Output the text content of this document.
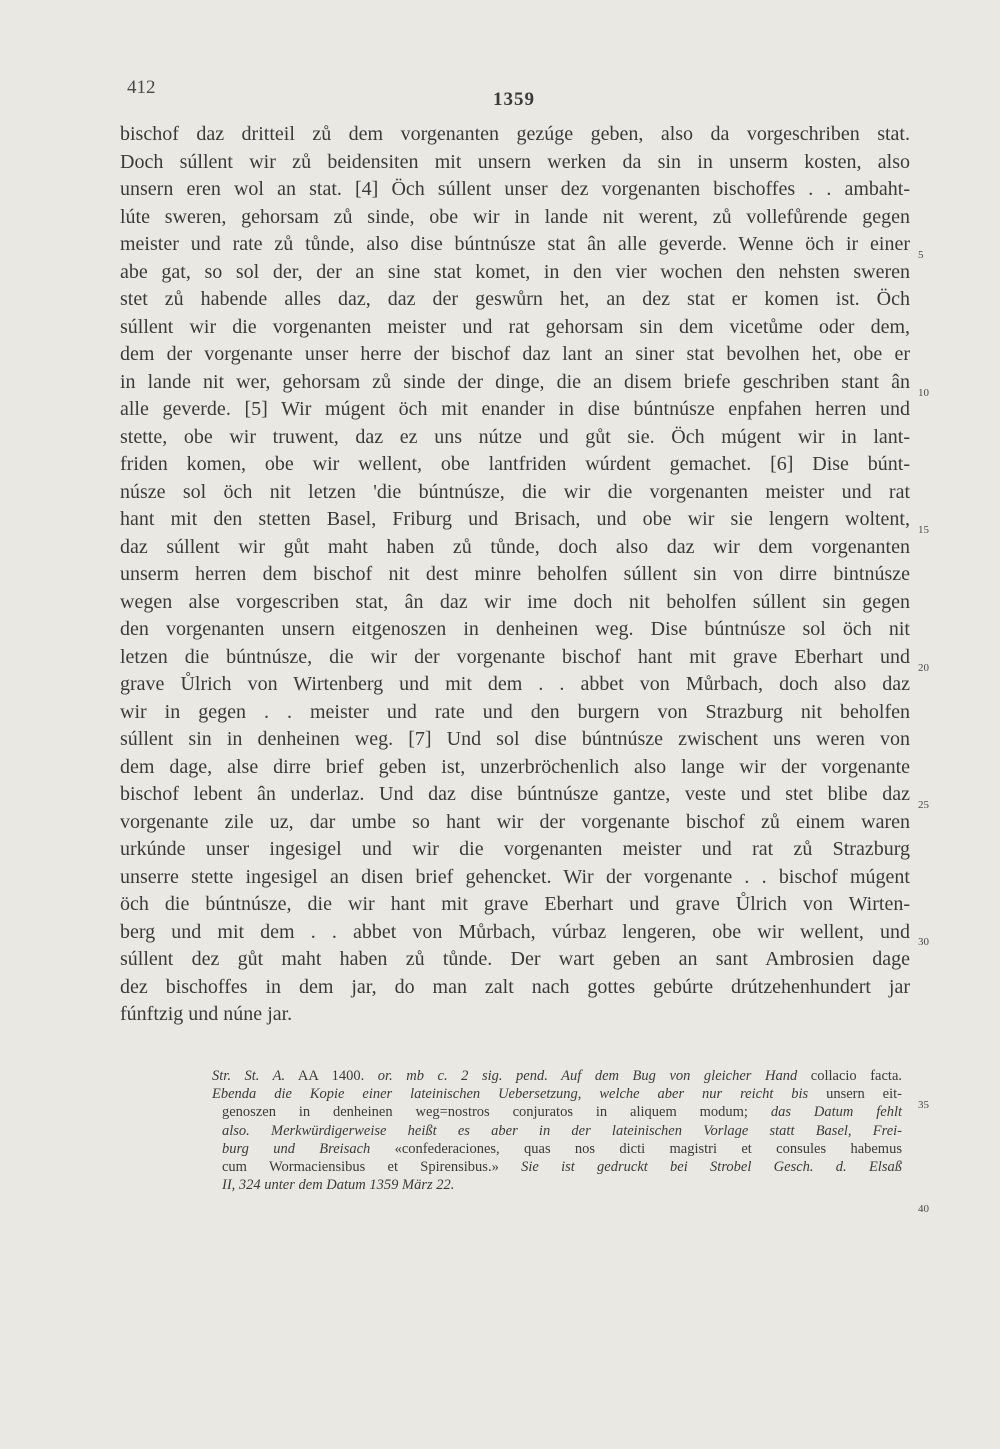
412
1359
bischof daz dritteil zů dem vorgenanten gezúge geben, also da vorgeschriben stat.
Doch súllent wir zů beidensiten mit unsern werken da sin in unserm kosten, also
unsern eren wol an stat. [4] Öch súllent unser dez vorgenanten bischoffes . . ambaht-
lúte sweren, gehorsam zů sinde, obe wir in lande nit werent, zů vollefůrende gegen
meister und rate zů tůnde, also dise búntnúsze stat ân alle geverde. Wenne öch ir einer
abe gat, so sol der, der an sine stat komet, in den vier wochen den nehsten sweren
stet zů habende alles daz, daz der geswůrn het, an dez stat er komen ist. Öch
súllent wir die vorgenanten meister und rat gehorsam sin dem vicetůme oder dem,
dem der vorgenante unser herre der bischof daz lant an siner stat bevolhen het, obe er
in lande nit wer, gehorsam zů sinde der dinge, die an disem briefe geschriben stant ân
alle geverde. [5] Wir múgent öch mit enander in dise búntnúsze enpfahen herren und
stette, obe wir truwent, daz ez uns nútze und gůt sie. Öch múgent wir in lant-
friden komen, obe wir wellent, obe lantfriden wúrdent gemachet. [6] Dise búnt-
núsze sol öch nit letzen 'die búntnúsze, die wir die vorgenanten meister und rat
hant mit den stetten Basel, Friburg und Brisach, und obe wir sie lengern woltent,
daz súllent wir gůt maht haben zů tůnde, doch also daz wir dem vorgenanten
unserm herren dem bischof nit dest minre beholfen súllent sin von dirre bintnúsze
wegen alse vorgescriben stat, ân daz wir ime doch nit beholfen súllent sin gegen
den vorgenanten unsern eitgenoszen in denheinen weg. Dise búntnúsze sol öch nit
letzen die búntnúsze, die wir der vorgenante bischof hant mit grave Eberhart und
grave Ůlrich von Wirtenberg und mit dem . . abbet von Můrbach, doch also daz
wir in gegen . . meister und rate und den burgern von Strazburg nit beholfen
súllent sin in denheinen weg. [7] Und sol dise búntnúsze zwischent uns weren von
dem dage, alse dirre brief geben ist, unzerbröchenlich also lange wir der vorgenante
bischof lebent ân underlaz. Und daz dise búntnúsze gantze, veste und stet blibe daz
vorgenante zile uz, dar umbe so hant wir der vorgenante bischof zů einem waren
urkúnde unser ingesigel und wir die vorgenanten meister und rat zů Strazburg
unserre stette ingesigel an disen brief gehencket. Wir der vorgenante . . bischof múgent
öch die búntnúsze, die wir hant mit grave Eberhart und grave Ůlrich von Wirten-
berg und mit dem . . abbet von Můrbach, vúrbaz lengeren, obe wir wellent, und
súllent dez gůt maht haben zů tůnde. Der wart geben an sant Ambrosien dage
dez bischoffes in dem jar, do man zalt nach gottes gebúrte drútzehenhundert jar
fúnftzig und núne jar.
5
10
15
20
25
30
35
40
Str. St. A. AA 1400. or. mb c. 2 sig. pend. Auf dem Bug von gleicher Hand collacio facta.
Ebenda die Kopie einer lateinischen Uebersetzung, welche aber nur reicht bis unsern eit-
genoszen in denheinen weg=nostros conjuratos in aliquem modum; das Datum fehlt
also. Merkwürdigerweise heißt es aber in der lateinischen Vorlage statt Basel, Frei-
burg und Breisach «confederaciones, quas nos dicti magistri et consules habemus
cum Wormaciensibus et Spirensibus.» Sie ist gedruckt bei Strobel Gesch. d. Elsaß
II, 324 unter dem Datum 1359 März 22.
